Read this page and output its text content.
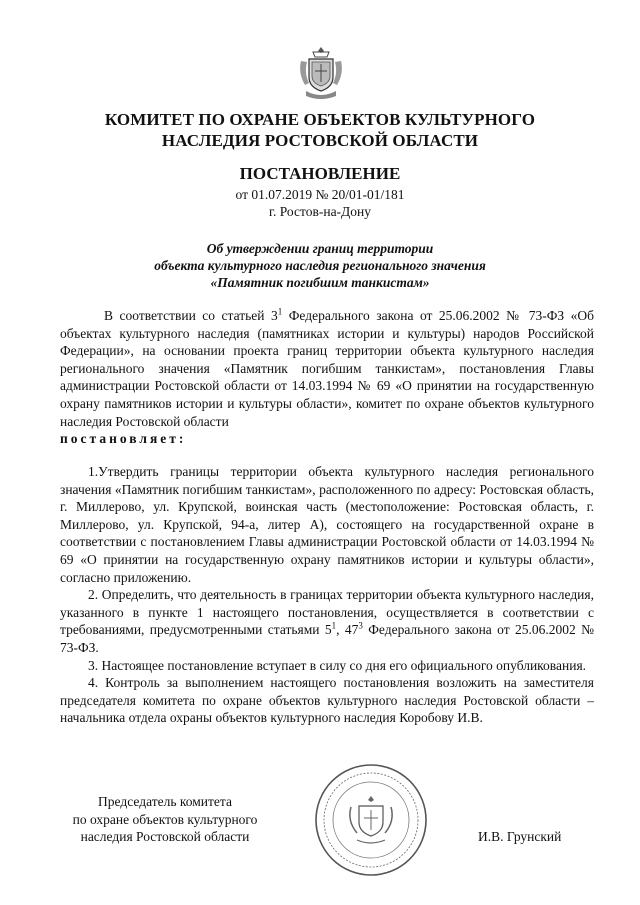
КОМИТЕТ ПО ОХРАНЕ ОБЪЕКТОВ КУЛЬТУРНОГО
НАСЛЕДИЯ РОСТОВСКОЙ ОБЛАСТИ
ПОСТАНОВЛЕНИЕ
от 01.07.2019 № 20/01-01/181
г. Ростов-на-Дону
Об утверждении границ территории
объекта культурного наследия регионального значения
«Памятник погибшим танкистам»

В соответствии со статьей $3^1$ Федерального закона от 25.06.2002 № 73-ФЗ «Об объектах культурного наследия (памятниках истории и культуры) народов Российской Федерации», на основании проекта границ территории объекта культурного наследия регионального значения «Памятник погибшим танкистам», постановления Главы администрации Ростовской области от 14.03.1994 № 69 «О принятии на государственную охрану памятников истории и культуры области», комитет по охране объектов культурного наследия Ростовской области

постановляет:

1.Утвердить границы территории объекта культурного наследия регионального значения «Памятник погибшим танкистам», расположенного по адресу: Ростовская область, г. Миллерово, ул. Крупской, воинская часть (местоположение: Ростовская область, г. Миллерово, ул. Крупской, 94-а, литер А), состоящего на государственной охране в соответствии с постановлением Главы администрации Ростовской области от 14.03.1994 № 69 «О принятии на государственную охрану памятников истории и культуры области», согласно приложению.

2. Определить, что деятельность в границах территории объекта культурного наследия, указанного в пункте 1 настоящего постановления, осуществляется в соответствии с требованиями, предусмотренными статьями $5^1$, $47^3$ Федерального закона от 25.06.2002 № 73-ФЗ.

3. Настоящее постановление вступает в силу со дня его официального опубликования.

4. Контроль за выполнением настоящего постановления возложить на заместителя председателя комитета по охране объектов культурного наследия Ростовской области – начальника отдела охраны объектов культурного наследия Коробову И.В.

Председатель комитета
по охране объектов культурного
наследия Ростовской области	И.В. Грунский
